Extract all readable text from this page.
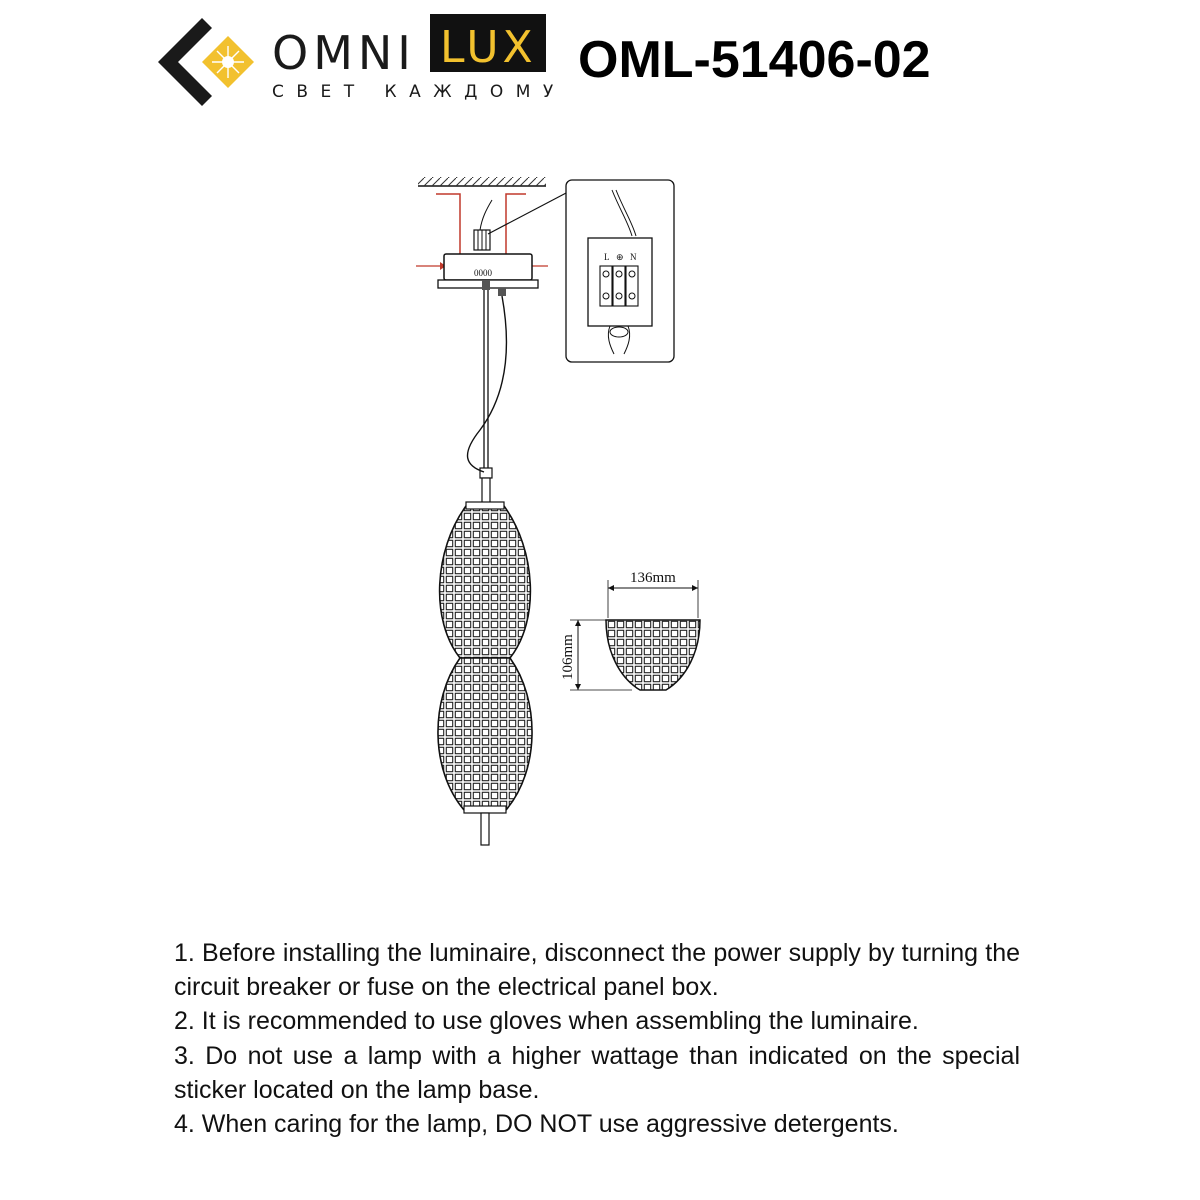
OMNI LUX
СВЕТ КАЖДОМУ
OML-51406-02
0000
L ⊕ N
136mm
106mm

1. Before installing the luminaire, disconnect the power supply by turning the circuit breaker or fuse on the electrical panel box.

2. It is recommended to use gloves when assembling the luminaire.

3. Do not use a lamp with a higher wattage than indicated on the special sticker located on the lamp base.

4. When caring for the lamp, DO NOT use aggressive detergents.
